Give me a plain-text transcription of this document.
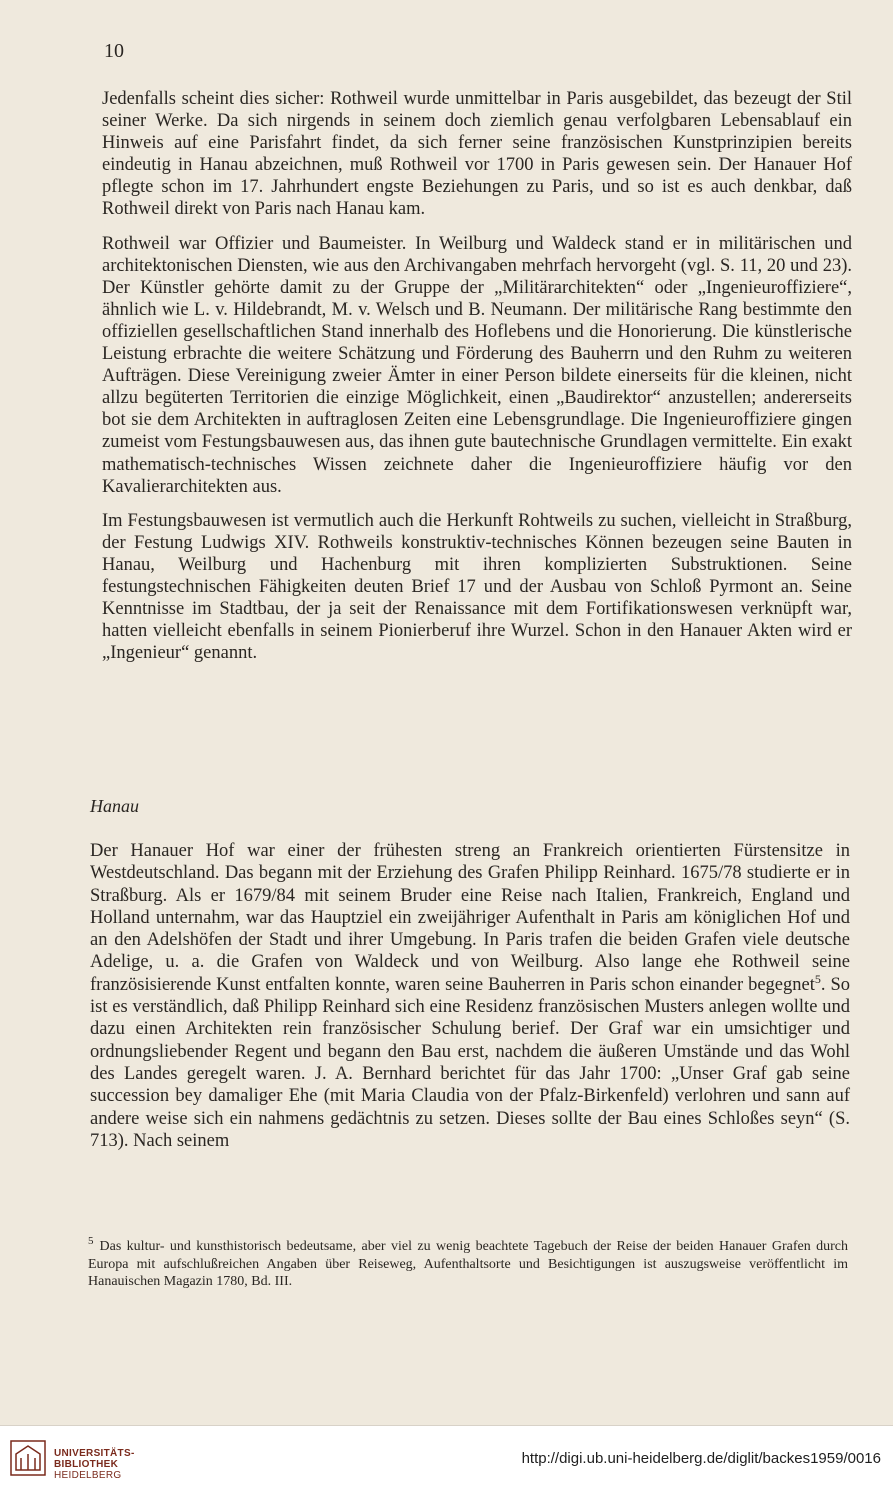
10

Jedenfalls scheint dies sicher: Rothweil wurde unmittelbar in Paris ausgebildet, das bezeugt der Stil seiner Werke. Da sich nirgends in seinem doch ziemlich genau verfolgbaren Lebensablauf ein Hinweis auf eine Parisfahrt findet, da sich ferner seine französischen Kunstprinzipien bereits eindeutig in Hanau abzeichnen, muß Rothweil vor 1700 in Paris gewesen sein. Der Hanauer Hof pflegte schon im 17. Jahrhundert engste Beziehungen zu Paris, und so ist es auch denkbar, daß Rothweil direkt von Paris nach Hanau kam.

Rothweil war Offizier und Baumeister. In Weilburg und Waldeck stand er in militärischen und architektonischen Diensten, wie aus den Archivangaben mehrfach hervorgeht (vgl. S. 11, 20 und 23). Der Künstler gehörte damit zu der Gruppe der „Militärarchitekten“ oder „Ingenieuroffiziere“, ähnlich wie L. v. Hildebrandt, M. v. Welsch und B. Neumann. Der militärische Rang bestimmte den offiziellen gesellschaftlichen Stand innerhalb des Hoflebens und die Honorierung. Die künstlerische Leistung erbrachte die weitere Schätzung und Förderung des Bauherrn und den Ruhm zu weiteren Aufträgen. Diese Vereinigung zweier Ämter in einer Person bildete einerseits für die kleinen, nicht allzu begüterten Territorien die einzige Möglichkeit, einen „Baudirektor“ anzustellen; andererseits bot sie dem Architekten in auftraglosen Zeiten eine Lebensgrundlage. Die Ingenieuroffiziere gingen zumeist vom Festungsbauwesen aus, das ihnen gute bautechnische Grundlagen vermittelte. Ein exakt mathematisch-technisches Wissen zeichnete daher die Ingenieuroffiziere häufig vor den Kavalierarchitekten aus.

Im Festungsbauwesen ist vermutlich auch die Herkunft Rohtweils zu suchen, vielleicht in Straßburg, der Festung Ludwigs XIV. Rothweils konstruktiv-technisches Können bezeugen seine Bauten in Hanau, Weilburg und Hachenburg mit ihren komplizierten Substruktionen. Seine festungstechnischen Fähigkeiten deuten Brief 17 und der Ausbau von Schloß Pyrmont an. Seine Kenntnisse im Stadtbau, der ja seit der Renaissance mit dem Fortifikationswesen verknüpft war, hatten vielleicht ebenfalls in seinem Pionierberuf ihre Wurzel. Schon in den Hanauer Akten wird er „Ingenieur“ genannt.

Hanau

Der Hanauer Hof war einer der frühesten streng an Frankreich orientierten Fürstensitze in Westdeutschland. Das begann mit der Erziehung des Grafen Philipp Reinhard. 1675/78 studierte er in Straßburg. Als er 1679/84 mit seinem Bruder eine Reise nach Italien, Frankreich, England und Holland unternahm, war das Hauptziel ein zweijähriger Aufenthalt in Paris am königlichen Hof und an den Adelshöfen der Stadt und ihrer Umgebung. In Paris trafen die beiden Grafen viele deutsche Adelige, u. a. die Grafen von Waldeck und von Weilburg. Also lange ehe Rothweil seine französisierende Kunst entfalten konnte, waren seine Bauherren in Paris schon einander begegnet$^5$. So ist es verständlich, daß Philipp Reinhard sich eine Residenz französischen Musters anlegen wollte und dazu einen Architekten rein französischer Schulung berief. Der Graf war ein umsichtiger und ordnungsliebender Regent und begann den Bau erst, nachdem die äußeren Umstände und das Wohl des Landes geregelt waren. J. A. Bernhard berichtet für das Jahr 1700: „Unser Graf gab seine succession bey damaliger Ehe (mit Maria Claudia von der Pfalz-Birkenfeld) verlohren und sann auf andere weise sich ein nahmens gedächtnis zu setzen. Dieses sollte der Bau eines Schloßes seyn“ (S. 713). Nach seinem

$^5$ Das kultur- und kunsthistorisch bedeutsame, aber viel zu wenig beachtete Tagebuch der Reise der beiden Hanauer Grafen durch Europa mit aufschlußreichen Angaben über Reiseweg, Aufenthaltsorte und Besichtigungen ist auszugsweise veröffentlicht im Hanauischen Magazin 1780, Bd. III.
UNIVERSITÄTS-
BIBLIOTHEK
HEIDELBERG
http://digi.ub.uni-heidelberg.de/diglit/backes1959/0016
